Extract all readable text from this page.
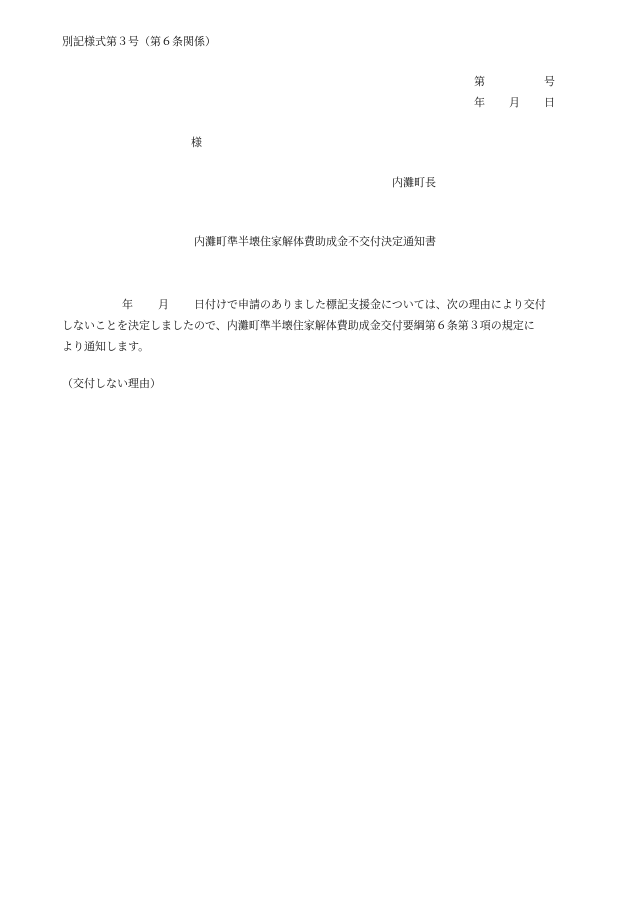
別記様式第３号（第６条関係）
第	号
年 月 日
様
内灘町長
内灘町準半壊住家解体費助成金不交付決定通知書
年 月 日付けで申請のありました標記支援金については、次の理由により交付
しないことを決定しましたので、内灘町準半壊住家解体費助成金交付要綱第６条第３項の規定に
より通知します。
（交付しない理由）
